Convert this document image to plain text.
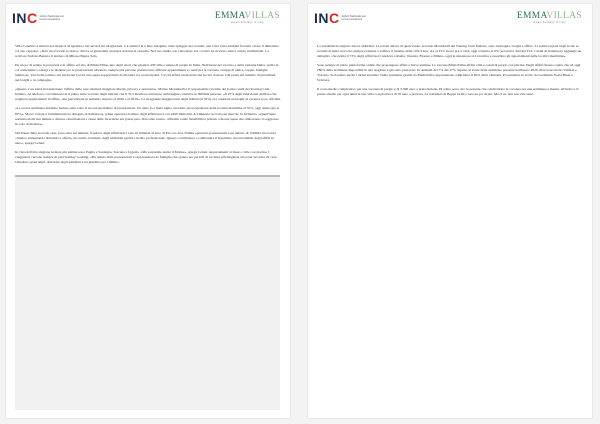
INC Istituto Nazionale per la Comunicazione	EMMAVILLAS
dream holidays in italy

Villa Cenelino è entrata nei dispacci di agenzia e nei servizi dei telegiornali. C'è esmicci sì e fatto inseguire valle spiaggia dei cronisti, una volta là ha annidati facendo vivere il dimensico col suo cappotto: «Non mi avevano te dono». dirvva al giornalisti avranpoi davanti al cancello. Nel suo studio con vista mare l'ex cronico ha ricevuto amici, artisti, intellettuali. Lo scrittore Stefano Benni e il sindaco di Milano Beppe Sala.

Da un po' di tempo la proprietà è in affitto sul sito di EmmaVillas, uno degli attori che gestisce 430 ville e tenute di pregio in Italia. Nell'estate del vaccino e della variante Delta, aprila in coi sometrimi i contagi e le disdette per le prenotazioni all'estero, sempre più persone preferiscono affittare appartamenti e casali per le vacanze. Gruppi di amici, coppie, famiglie numerose. Una bella lontano dai rischi del Covid, una spesa sopportabile da dividere tra i partecipanti. C'è chi affitta un monolocale in riva al mare. Chi punta sul turismo di prossimità, nei borghi o in campagna.

«Questo è un trend in transizione: l'affitto delle case risulterà maggiore libertà, privacy e sicurezza». Matteo Montebelli è il responsabile ricerche del Centro studi del Touring Club Italiano. Al telefono con Linkiesta fa il punto sulle vacanze degli italiani, che il TCI monitora attraverso un'indagine condotta su 300mila persone. «Il 25% degli intervistati dichiara che sceglierà appartamenti in affitto, una percentuale in aumento rispetto al 2020 e al 2019». La stragrande maggioranza degli italiani (il 76%) si è orientata su luoghi di vacanza poco affollati.

«Le scorse settimana abbiamo battuto sette volte il record quotidiano di prenotazioni. Un anno fa a metà luglio avevamo un'occupazione delle località marittime al 55%, oggi siamo già al 82%». Marco Celani è l'amministratore delegato di Italianway, prima operatore italiano degli affitti brevi con 2400 immobili. A Linkiesta racconta un mercato in fermento. «Quest'anno notiamo molti last minute e diverse cancellazioni a causa delle incertezze sul green pass. Dal canto nostro, offriamo totale flessibilità e polizze a monte spese che rimborsano il soggiorno in caso di disdetta».

Nel Paese delle seconde case, sono oltre sei milioni, il settore degli affitti brevi vale 10 miliardi di euro di Pil con circa 25mila operatori professionali e un indotto di 150mila lavoratori. «Stanno aumentando domanda e offerta, ma anche il numero degli immobili gestiti a livello professionale. Questo contribuisce a combattere il fenomeno incontrollabile degli affitti in nero», spiega Celani.

In vista dell'alta stagione le mete più ambite sono Puglia e Sardegna, Toscana e Liguria. «Ma sorprende anche il Molise», spiega Celani. Appartamenti al mare o ville con piscina. I viaggiatori cercano sempre di più l'holiday working. «Ha tenuto delle prenotazioni è rappresentato da famiglie che optano per periodi di vacanza più lunghi in cui poter lavorare da casa. Chiedono spazi ampi, divisione degli ambienti e un giardino per i bimbi».

INC Istituto Nazionale per la Comunicazione	EMMAVILLAS
dream holidays in italy

La pandemia ha ingesto nuove abitudini. Le parole chiave di quest'estate, secondo Montebelli del Touring Club Italiano, sono montagna, borghi e affitto. La prime regioni negli hotel, le località di mare ricevono sempre richieste a soffrire il turismo delle città d'arte, era al 25% in era pre-Covid; oggi si ferma al 9% (secondo i dati del TCI. Celani di Italianway aggiunge un dettaglio: «Se prima il 73% degli affitti brevi rendeva a Roma, Venezia, Firenze e Milano, oggi la situazione si è invertita e assorbina gli appartamenti nelle località marittime».

Sono sempre di più le piattaforme online che propongono affitti a breve termine. Le toscana EmmaVillas affitta ville e casali di pregio con piscina. Dagli affitti fissano capire che ad oggi l'80% delle settimane disponibili in alta stagione è già stato prenotato. In aumenti del 7% del 17% rispetto al totale delle settimane presente nell'intero 2020. Piacciono molto Umbria e Toscana. Si rivelano anche i turisti stranieri. Nelle residenze gestite da EmmaVilla rappresentano addirittura il 69% della clientela. Provenienza in arrivo da Germania, Paesi Bassi e Svizzera.

Il costo medio complessivo per una vacanza di pregio è di 5.300 euro a prenotazione. Di solito sono otto le persone che condividono la vacanza per una settimana e mezza, all'incirca. Il prezzo medio per ogni unità in una villa con piscina è di 70 euro a persona. La residenza di Beppe Grillo costa un po' di più. Ma ci sa, non son vale sanz.
